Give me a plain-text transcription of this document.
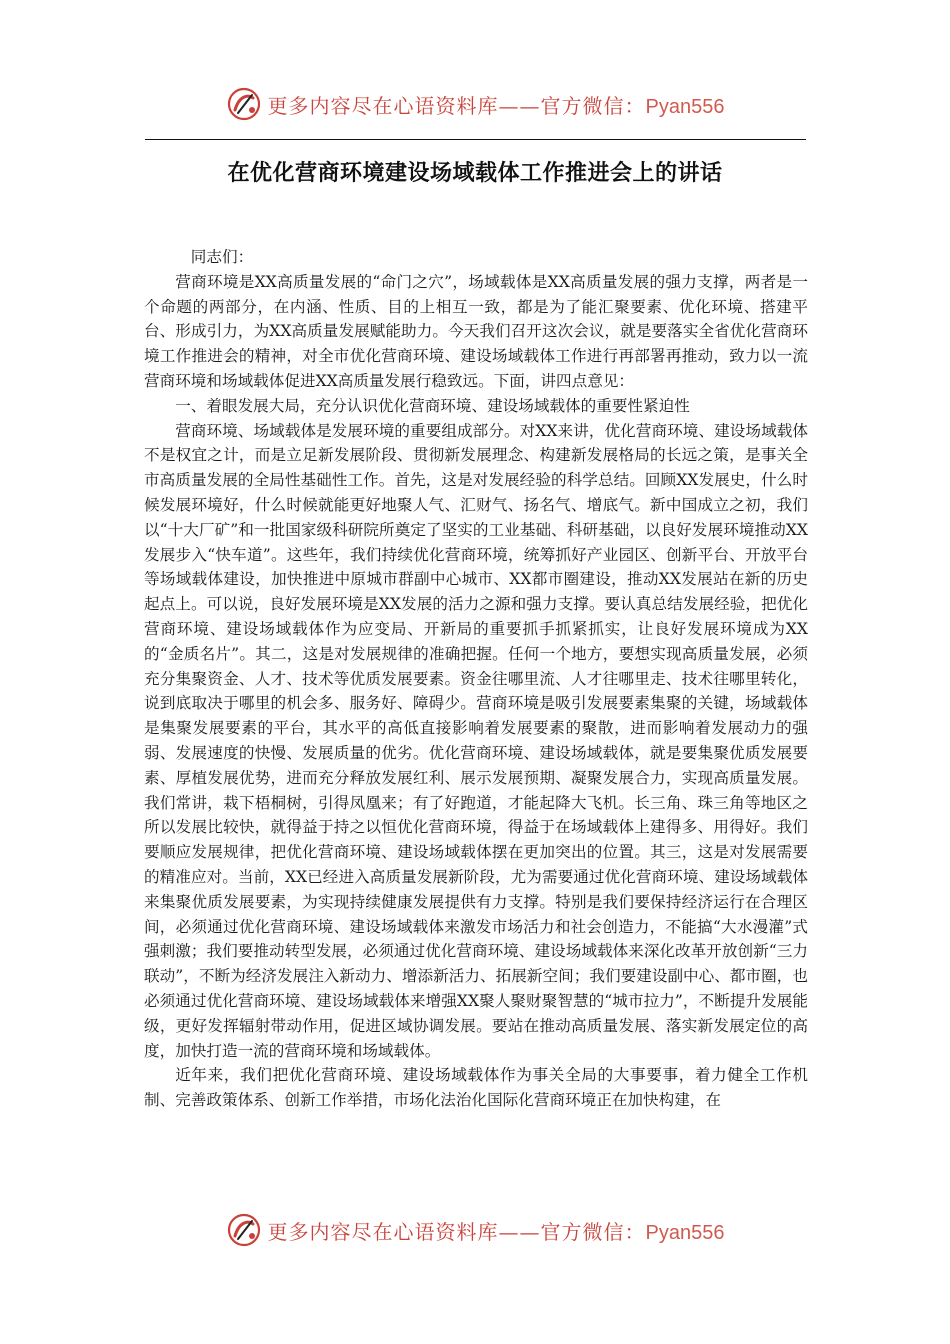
更多内容尽在心语资料库——官方微信：Pyan556
在优化营商环境建设场域载体工作推进会上的讲话

同志们：

营商环境是XX高质量发展的“命门之穴”，场域载体是XX高质量发展的强力支撑，两者是一个命题的两部分，在内涵、性质、目的上相互一致，都是为了能汇聚要素、优化环境、搭建平台、形成引力，为XX高质量发展赋能助力。今天我们召开这次会议，就是要落实全省优化营商环境工作推进会的精神，对全市优化营商环境、建设场域载体工作进行再部署再推动，致力以一流营商环境和场域载体促进XX高质量发展行稳致远。下面，讲四点意见：

一、着眼发展大局，充分认识优化营商环境、建设场域载体的重要性紧迫性

营商环境、场域载体是发展环境的重要组成部分。对XX来讲，优化营商环境、建设场域载体不是权宜之计，而是立足新发展阶段、贯彻新发展理念、构建新发展格局的长远之策，是事关全市高质量发展的全局性基础性工作。首先，这是对发展经验的科学总结。回顾XX发展史，什么时候发展环境好，什么时候就能更好地聚人气、汇财气、扬名气、增底气。新中国成立之初，我们以“十大厂矿”和一批国家级科研院所奠定了坚实的工业基础、科研基础，以良好发展环境推动XX发展步入“快车道”。这些年，我们持续优化营商环境，统筹抓好产业园区、创新平台、开放平台等场域载体建设，加快推进中原城市群副中心城市、XX都市圈建设，推动XX发展站在新的历史起点上。可以说，良好发展环境是XX发展的活力之源和强力支撑。要认真总结发展经验，把优化营商环境、建设场域载体作为应变局、开新局的重要抓手抓紧抓实，让良好发展环境成为XX的“金质名片”。其二，这是对发展规律的准确把握。任何一个地方，要想实现高质量发展，必须充分集聚资金、人才、技术等优质发展要素。资金往哪里流、人才往哪里走、技术往哪里转化，说到底取决于哪里的机会多、服务好、障碍少。营商环境是吸引发展要素集聚的关键，场域载体是集聚发展要素的平台，其水平的高低直接影响着发展要素的聚散，进而影响着发展动力的强弱、发展速度的快慢、发展质量的优劣。优化营商环境、建设场域载体，就是要集聚优质发展要素、厚植发展优势，进而充分释放发展红利、展示发展预期、凝聚发展合力，实现高质量发展。我们常讲，栽下梧桐树，引得凤凰来；有了好跑道，才能起降大飞机。长三角、珠三角等地区之所以发展比较快，就得益于持之以恒优化营商环境，得益于在场域载体上建得多、用得好。我们要顺应发展规律，把优化营商环境、建设场域载体摆在更加突出的位置。其三，这是对发展需要的精准应对。当前，XX已经进入高质量发展新阶段，尤为需要通过优化营商环境、建设场域载体来集聚优质发展要素，为实现持续健康发展提供有力支撑。特别是我们要保持经济运行在合理区间，必须通过优化营商环境、建设场域载体来激发市场活力和社会创造力，不能搞“大水漫灌”式强刺激；我们要推动转型发展，必须通过优化营商环境、建设场域载体来深化改革开放创新“三力联动”，不断为经济发展注入新动力、增添新活力、拓展新空间；我们要建设副中心、都市圈，也必须通过优化营商环境、建设场域载体来增强XX聚人聚财聚智慧的“城市拉力”，不断提升发展能级，更好发挥辐射带动作用，促进区域协调发展。要站在推动高质量发展、落实新发展定位的高度，加快打造一流的营商环境和场域载体。

近年来，我们把优化营商环境、建设场域载体作为事关全局的大事要事，着力健全工作机制、完善政策体系、创新工作举措，市场化法治化国际化营商环境正在加快构建，在

更多内容尽在心语资料库——官方微信：Pyan556
